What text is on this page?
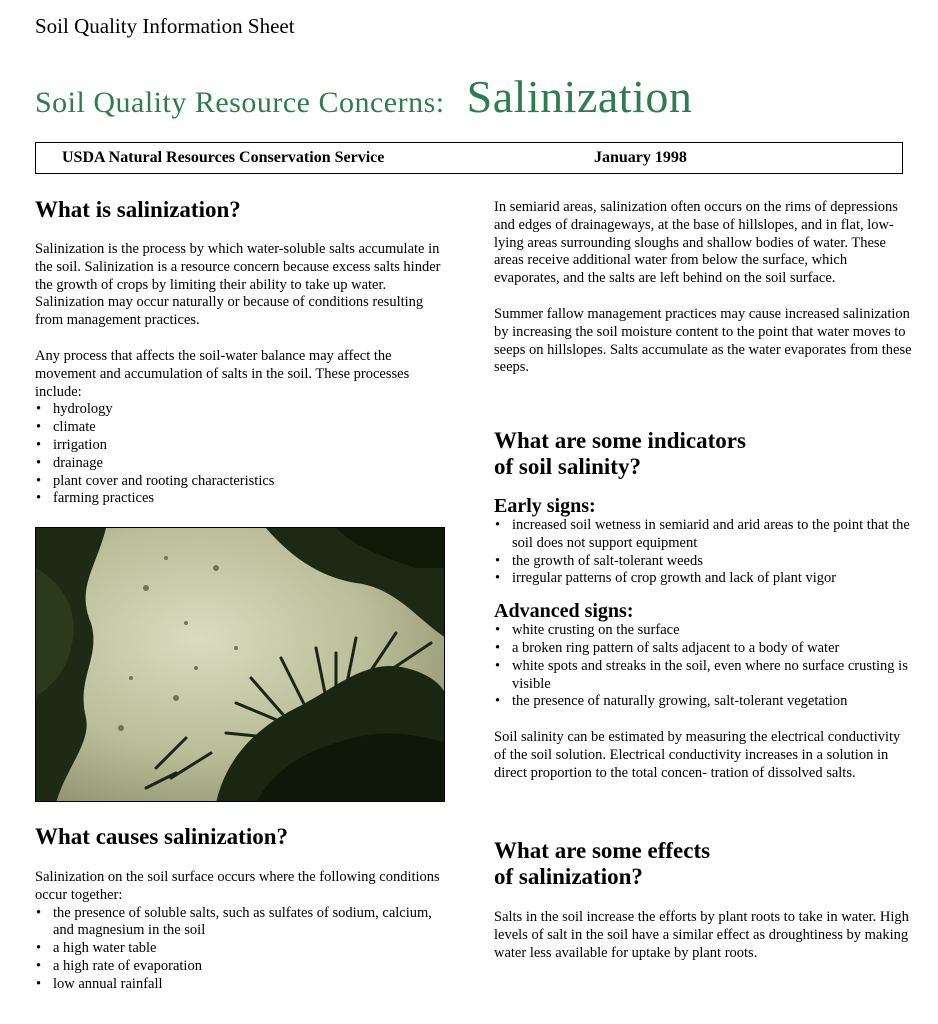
Soil Quality Information Sheet
Soil Quality Resource Concerns: Salinization
USDA Natural Resources Conservation Service	January 1998
What is salinization?

Salinization is the process by which water-soluble salts accumulate in the soil. Salinization is a resource concern because excess salts hinder the growth of crops by limiting their ability to take up water. Salinization may occur naturally or because of conditions resulting from management practices.

Any process that affects the soil-water balance may affect the movement and accumulation of salts in the soil. These processes include:

• hydrology
• climate
• irrigation
• drainage
• plant cover and rooting characteristics
• farming practices
What causes salinization?

Salinization on the soil surface occurs where the following conditions occur together:

• the presence of soluble salts, such as sulfates of sodium, calcium, and magnesium in the soil
• a high water table
• a high rate of evaporation
• low annual rainfall

In semiarid areas, salinization often occurs on the rims of depressions and edges of drainageways, at the base of hillslopes, and in flat, low-lying areas surrounding sloughs and shallow bodies of water. These areas receive additional water from below the surface, which evaporates, and the salts are left behind on the soil surface.

Summer fallow management practices may cause increased salinization by increasing the soil moisture content to the point that water moves to seeps on hillslopes. Salts accumulate as the water evaporates from these seeps.

What are some indicators
of soil salinity?
Early signs:
• increased soil wetness in semiarid and arid areas to the point that the soil does not support equipment
• the growth of salt-tolerant weeds
• irregular patterns of crop growth and lack of plant vigor
Advanced signs:
• white crusting on the surface
• a broken ring pattern of salts adjacent to a body of water
• white spots and streaks in the soil, even where no surface crusting is visible
• the presence of naturally growing, salt-tolerant vegetation

Soil salinity can be estimated by measuring the electrical conductivity of the soil solution. Electrical conductivity increases in a solution in direct proportion to the total concen- tration of dissolved salts.

What are some effects
of salinization?

Salts in the soil increase the efforts by plant roots to take in water. High levels of salt in the soil have a similar effect as droughtiness by making water less available for uptake by plant roots.
